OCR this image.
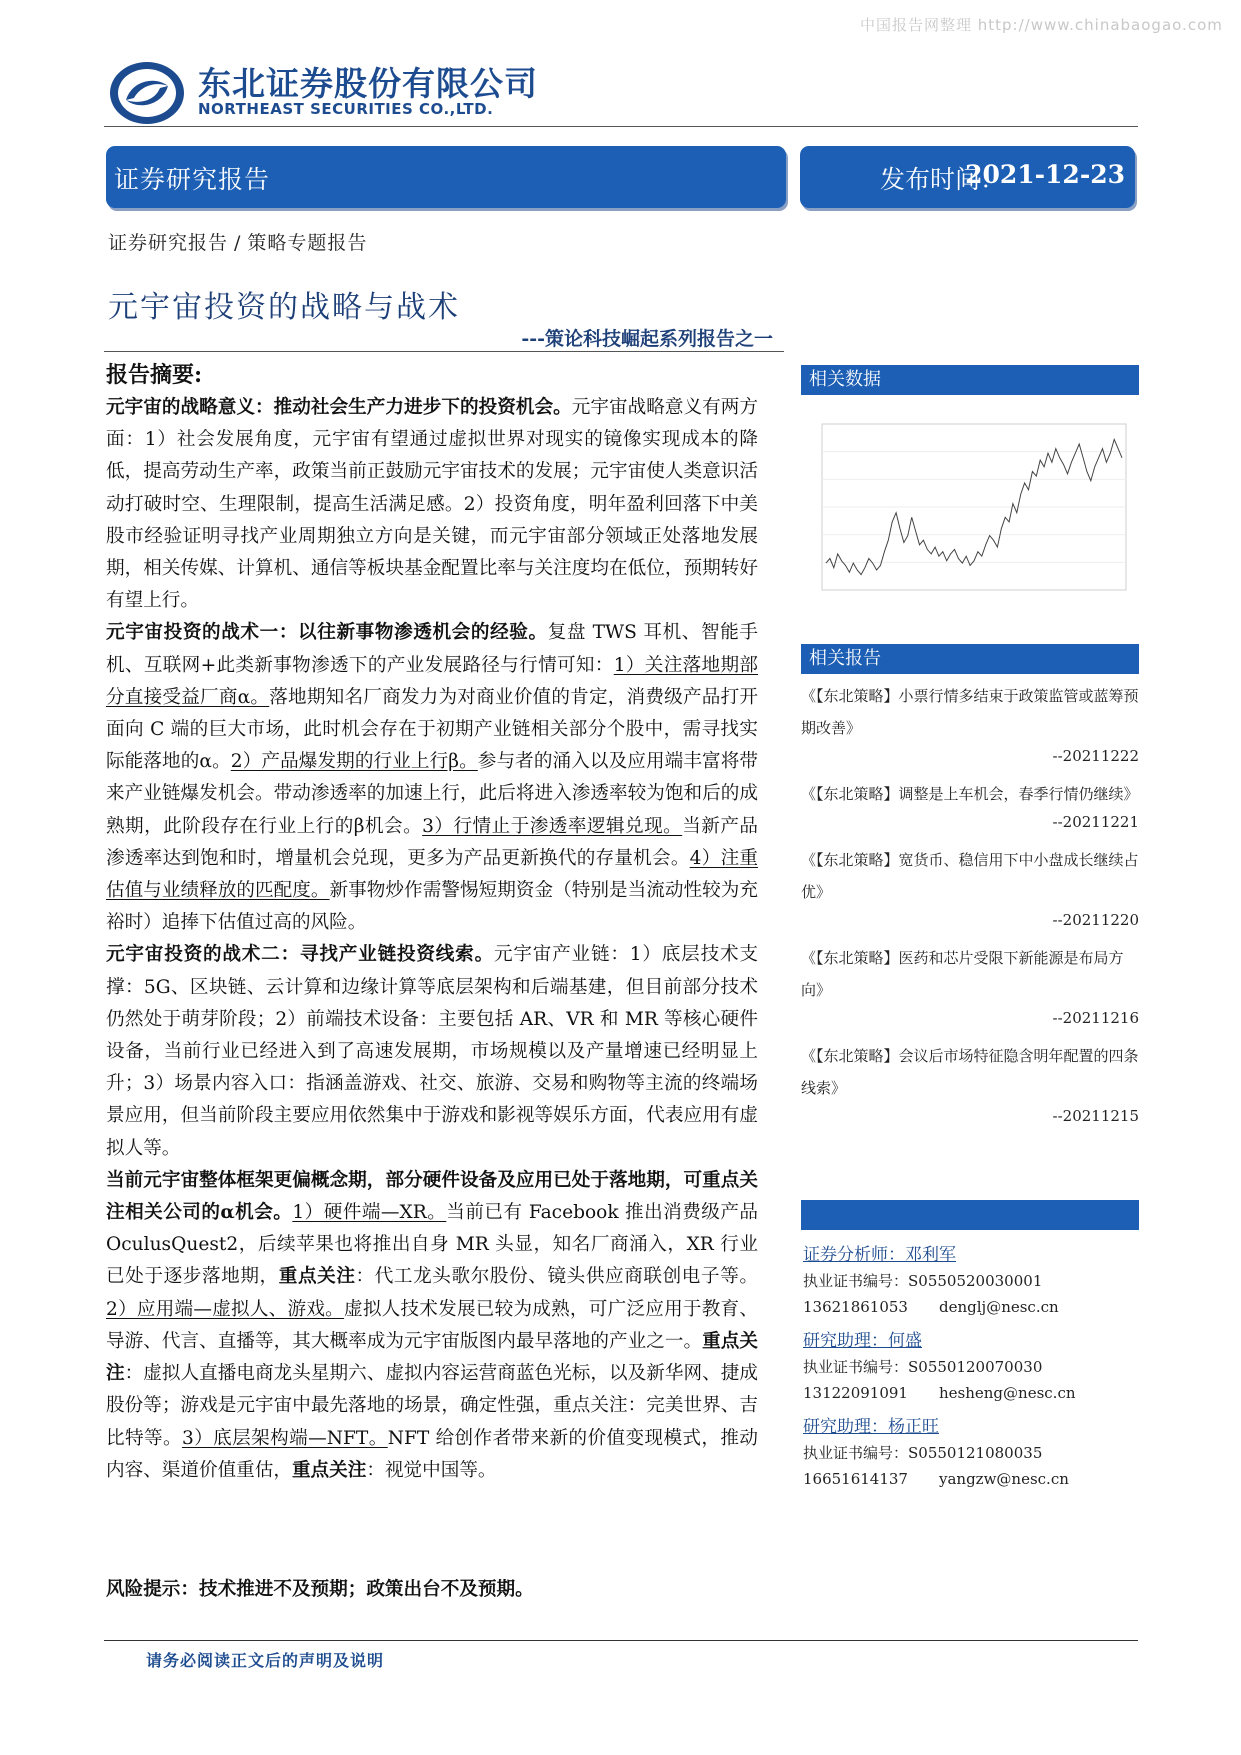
中国报告网整理 http://www.chinabaogao.com
东北证券股份有限公司
NORTHEAST SECURITIES CO.,LTD.
证券研究报告	发布时间：
2021-12-23
证券研究报告 / 策略专题报告
元宇宙投资的战略与战术
---策论科技崛起系列报告之一
报告摘要:

元宇宙的战略意义：推动社会生产力进步下的投资机会。元宇宙战略意义有两方面：1）社会发展角度，元宇宙有望通过虚拟世界对现实的镜像实现成本的降低，提高劳动生产率，政策当前正鼓励元宇宙技术的发展；元宇宙使人类意识活动打破时空、生理限制，提高生活满足感。2）投资角度，明年盈利回落下中美股市经验证明寻找产业周期独立方向是关键，而元宇宙部分领域正处落地发展期，相关传媒、计算机、通信等板块基金配置比率与关注度均在低位，预期转好有望上行。

元宇宙投资的战术一：以往新事物渗透机会的经验。复盘 TWS 耳机、智能手机、互联网+此类新事物渗透下的产业发展路径与行情可知：1）关注落地期部分直接受益厂商α。落地期知名厂商发力为对商业价值的肯定，消费级产品打开面向 C 端的巨大市场，此时机会存在于初期产业链相关部分个股中，需寻找实际能落地的α。2）产品爆发期的行业上行β。参与者的涌入以及应用端丰富将带来产业链爆发机会。带动渗透率的加速上行，此后将进入渗透率较为饱和后的成熟期，此阶段存在行业上行的β机会。3）行情止于渗透率逻辑兑现。当新产品渗透率达到饱和时，增量机会兑现，更多为产品更新换代的存量机会。4）注重估值与业绩释放的匹配度。新事物炒作需警惕短期资金（特别是当流动性较为充裕时）追捧下估值过高的风险。

元宇宙投资的战术二：寻找产业链投资线索。元宇宙产业链：1）底层技术支撑：5G、区块链、云计算和边缘计算等底层架构和后端基建，但目前部分技术仍然处于萌芽阶段；2）前端技术设备：主要包括 AR、VR 和 MR 等核心硬件设备，当前行业已经进入到了高速发展期，市场规模以及产量增速已经明显上升；3）场景内容入口：指涵盖游戏、社交、旅游、交易和购物等主流的终端场景应用，但当前阶段主要应用依然集中于游戏和影视等娱乐方面，代表应用有虚拟人等。

当前元宇宙整体框架更偏概念期，部分硬件设备及应用已处于落地期，可重点关注相关公司的α机会。1）硬件端—XR。当前已有 Facebook 推出消费级产品 OculusQuest2，后续苹果也将推出自身 MR 头显，知名厂商涌入，XR 行业已处于逐步落地期，重点关注：代工龙头歌尔股份、镜头供应商联创电子等。2）应用端—虚拟人、游戏。虚拟人技术发展已较为成熟，可广泛应用于教育、导游、代言、直播等，其大概率成为元宇宙版图内最早落地的产业之一。重点关注：虚拟人直播电商龙头星期六、虚拟内容运营商蓝色光标，以及新华网、捷成股份等；游戏是元宇宙中最先落地的场景，确定性强，重点关注：完美世界、吉比特等。3）底层架构端—NFT。NFT 给创作者带来新的价值变现模式，推动内容、渠道价值重估，重点关注：视觉中国等。

风险提示：技术推进不及预期；政策出台不及预期。
相关数据
相关报告
《【东北策略】小票行情多结束于政策监管或蓝筹预期改善》
--20211222
《【东北策略】调整是上车机会，春季行情仍继续》
--20211221
《【东北策略】宽货币、稳信用下中小盘成长继续占优》
--20211220
《【东北策略】医药和芯片受限下新能源是布局方向》
--20211216
《【东北策略】会议后市场特征隐含明年配置的四条线索》
--20211215
证券分析师：邓利军
执业证书编号：S0550520030001
13621861053 denglj@nesc.cn
研究助理：何盛
执业证书编号：S0550120070030
13122091091 hesheng@nesc.cn
研究助理：杨正旺
执业证书编号：S0550121080035
16651614137 yangzw@nesc.cn
请务必阅读正文后的声明及说明
